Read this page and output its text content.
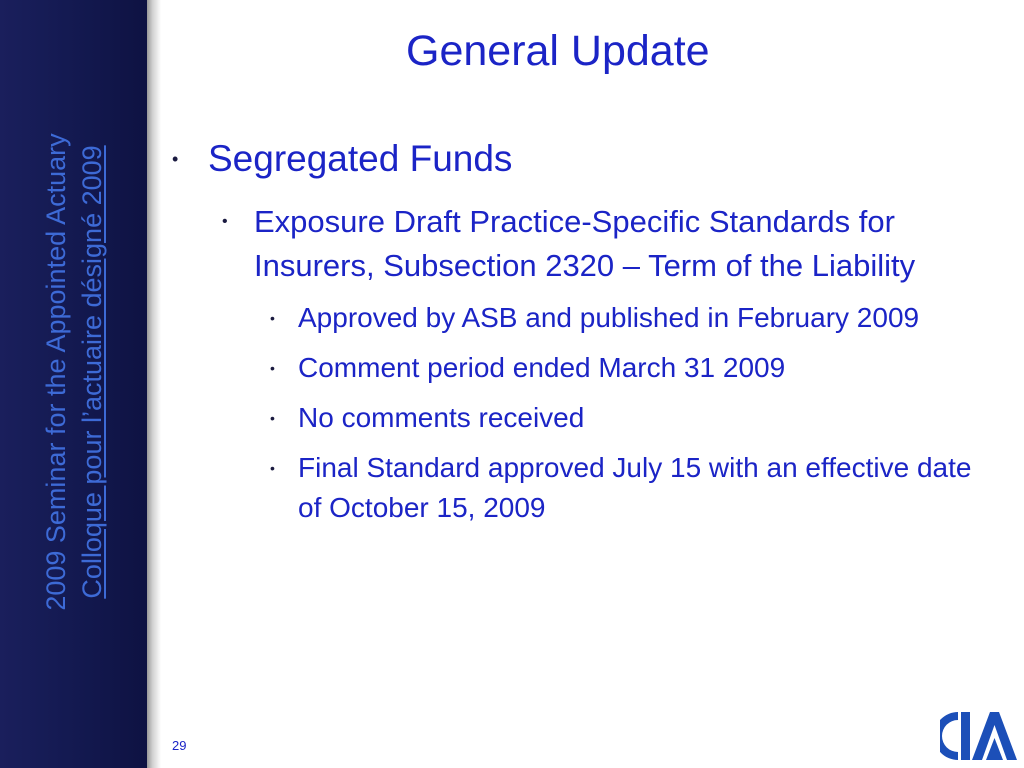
2009 Seminar for the Appointed Actuary Colloque pour l’actuaire désigné 2009
General Update
• Segregated Funds
• Exposure Draft Practice-Specific Standards for Insurers, Subsection 2320 – Term of the Liability
• Approved by ASB and published in February 2009
• Comment period ended March 31 2009
• No comments received
• Final Standard approved July 15 with an effective date of October 15, 2009
29
